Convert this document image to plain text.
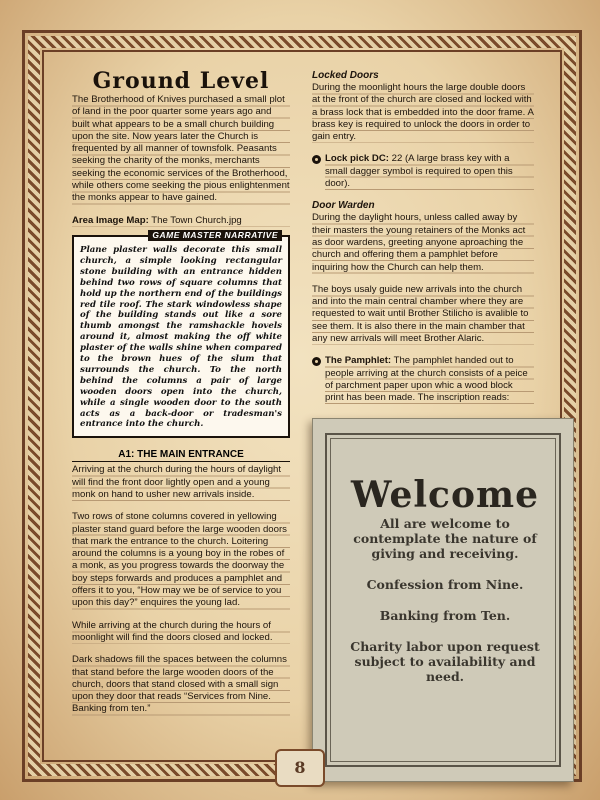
Ground Level

The Brotherhood of Knives purchased a small plot of land in the poor quarter some years ago and built what appears to be a small church building upon the site. Now years later the Church is frequented by all manner of townsfolk. Peasants seeking the charity of the monks, merchants seeking the economic services of the Brotherhood, while others come seeking the pious enlightenment the monks appear to have gained.

Area Image Map: The Town Church.jpg

GAME MASTER NARRATIVE

Plane plaster walls decorate this small church, a simple looking rectangular stone building with an entrance hidden behind two rows of square columns that hold up the northern end of the buildings red tile roof. The stark windowless shape of the building stands out like a sore thumb amongst the ramshackle hovels around it, almost making the off white plaster of the walls shine when compared to the brown hues of the slum that surrounds the church. To the north behind the columns a pair of large wooden doors open into the church, while a single wooden door to the south acts as a back-door or tradesman's entrance into the church.

A1: THE MAIN ENTRANCE

Arriving at the church during the hours of daylight will find the front door lightly open and a young monk on hand to usher new arrivals inside.

Two rows of stone columns covered in yellowing plaster stand guard before the large wooden doors that mark the entrance to the church. Loitering around the columns is a young boy in the robes of a monk, as you progress towards the doorway the boy steps forwards and produces a pamphlet and offers it to you, “How may we be of service to you upon this day?” enquires the young lad.

While arriving at the church during the hours of moonlight will find the doors closed and locked.

Dark shadows fill the spaces between the columns that stand before the large wooden doors of the church, doors that stand closed with a small sign upon they door that reads “Services from Nine. Banking from ten.”

Locked Doors

During the moonlight hours the large double doors at the front of the church are closed and locked with a brass lock that is embedded into the door frame. A brass key is required to unlock the doors in order to gain entry.

Lock pick DC: 22 (A large brass key with a small dagger symbol is required to open this door).

Door Warden

During the daylight hours, unless called away by their masters the young retainers of the Monks act as door wardens, greeting anyone aproaching the church and offering them a pamphlet before inquiring how the Church can help them.

The boys usaly guide new arrivals into the church and into the main central chamber where they are requested to wait until Brother Stilicho is avalible to see them. It is also there in the main chamber that any new arrivals will meet Brother Alaric.

The Pamphlet: The pamphlet handed out to people arriving at the church consists of a peice of parchment paper upon whic a wood block print has been made. The inscription reads:

Welcome

All are welcome to contemplate the nature of giving and receiving.

Confession from Nine.

Banking from Ten.

Charity labor upon request subject to availability and need.

8
